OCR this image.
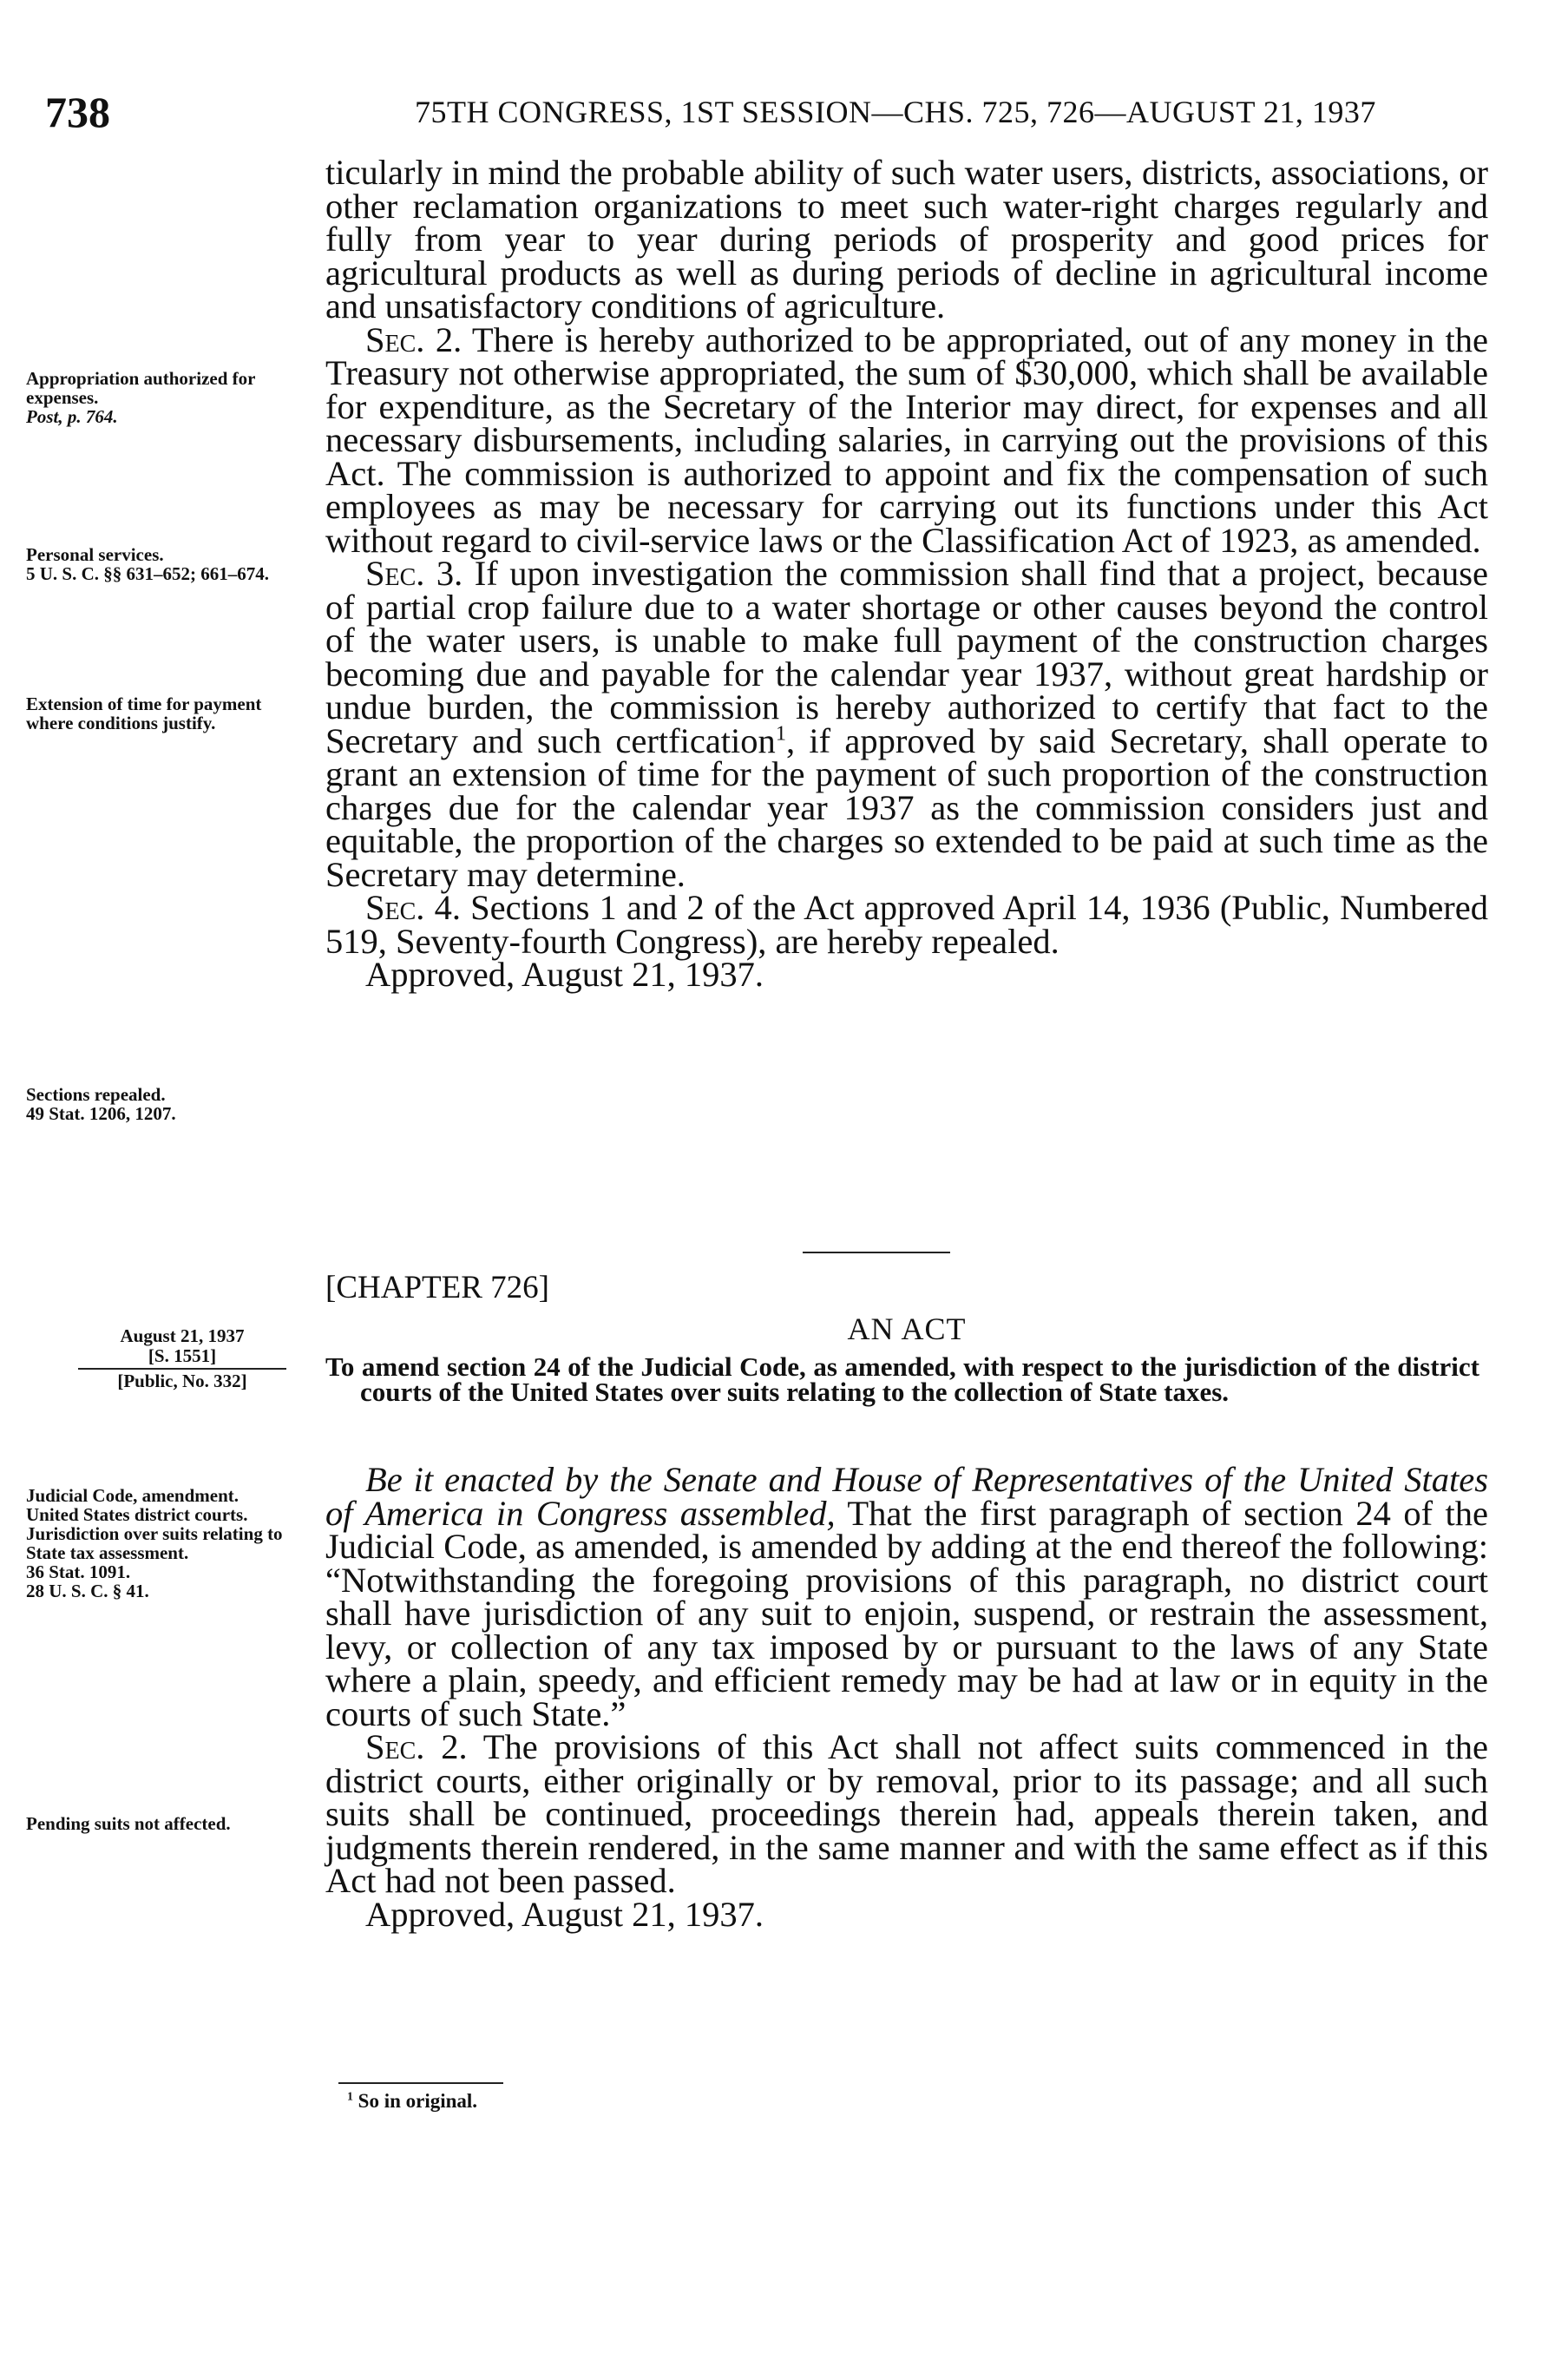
738	75TH CONGRESS, 1ST SESSION—CHS. 725, 726—AUGUST 21, 1937

ticularly in mind the probable ability of such water users, districts, associations, or other reclamation organizations to meet such water-right charges regularly and fully from year to year during periods of prosperity and good prices for agricultural products as well as during periods of decline in agricultural income and unsatisfactory conditions of agriculture.

Sec. 2. There is hereby authorized to be appropriated, out of any money in the Treasury not otherwise appropriated, the sum of $30,000, which shall be available for expenditure, as the Secretary of the Interior may direct, for expenses and all necessary disbursements, including salaries, in carrying out the provisions of this Act. The commission is authorized to appoint and fix the compensation of such employees as may be necessary for carrying out its functions under this Act without regard to civil-service laws or the Classification Act of 1923, as amended.

Sec. 3. If upon investigation the commission shall find that a project, because of partial crop failure due to a water shortage or other causes beyond the control of the water users, is unable to make full payment of the construction charges becoming due and payable for the calendar year 1937, without great hardship or undue burden, the commission is hereby authorized to certify that fact to the Secretary and such certfication$^1$, if approved by said Secretary, shall operate to grant an extension of time for the payment of such proportion of the construction charges due for the calendar year 1937 as the commission considers just and equitable, the proportion of the charges so extended to be paid at such time as the Secretary may determine.

Sec. 4. Sections 1 and 2 of the Act approved April 14, 1936 (Public, Numbered 519, Seventy-fourth Congress), are hereby repealed.

Approved, August 21, 1937.

Appropriation authorized for expenses.
Post, p. 764.
Personal services.
5 U. S. C. §§ 631–652; 661–674.
Extension of time for payment where conditions justify.
Sections repealed.
49 Stat. 1206, 1207.
[CHAPTER 726]
AN ACT
To amend section 24 of the Judicial Code, as amended, with respect to the jurisdiction of the district courts of the United States over suits relating to the collection of State taxes.
August 21, 1937
[S. 1551]
[Public, No. 332]

Be it enacted by the Senate and House of Representatives of the United States of America in Congress assembled, That the first paragraph of section 24 of the Judicial Code, as amended, is amended by adding at the end thereof the following: “Notwithstanding the foregoing provisions of this paragraph, no district court shall have jurisdiction of any suit to enjoin, suspend, or restrain the assessment, levy, or collection of any tax imposed by or pursuant to the laws of any State where a plain, speedy, and efficient remedy may be had at law or in equity in the courts of such State.”

Sec. 2. The provisions of this Act shall not affect suits commenced in the district courts, either originally or by removal, prior to its passage; and all such suits shall be continued, proceedings therein had, appeals therein taken, and judgments therein rendered, in the same manner and with the same effect as if this Act had not been passed.

Approved, August 21, 1937.

Judicial Code, amendment.
United States district courts.
Jurisdiction over suits relating to State tax assessment.
36 Stat. 1091.
28 U. S. C. § 41.
Pending suits not affected.
$^1$ So in original.
